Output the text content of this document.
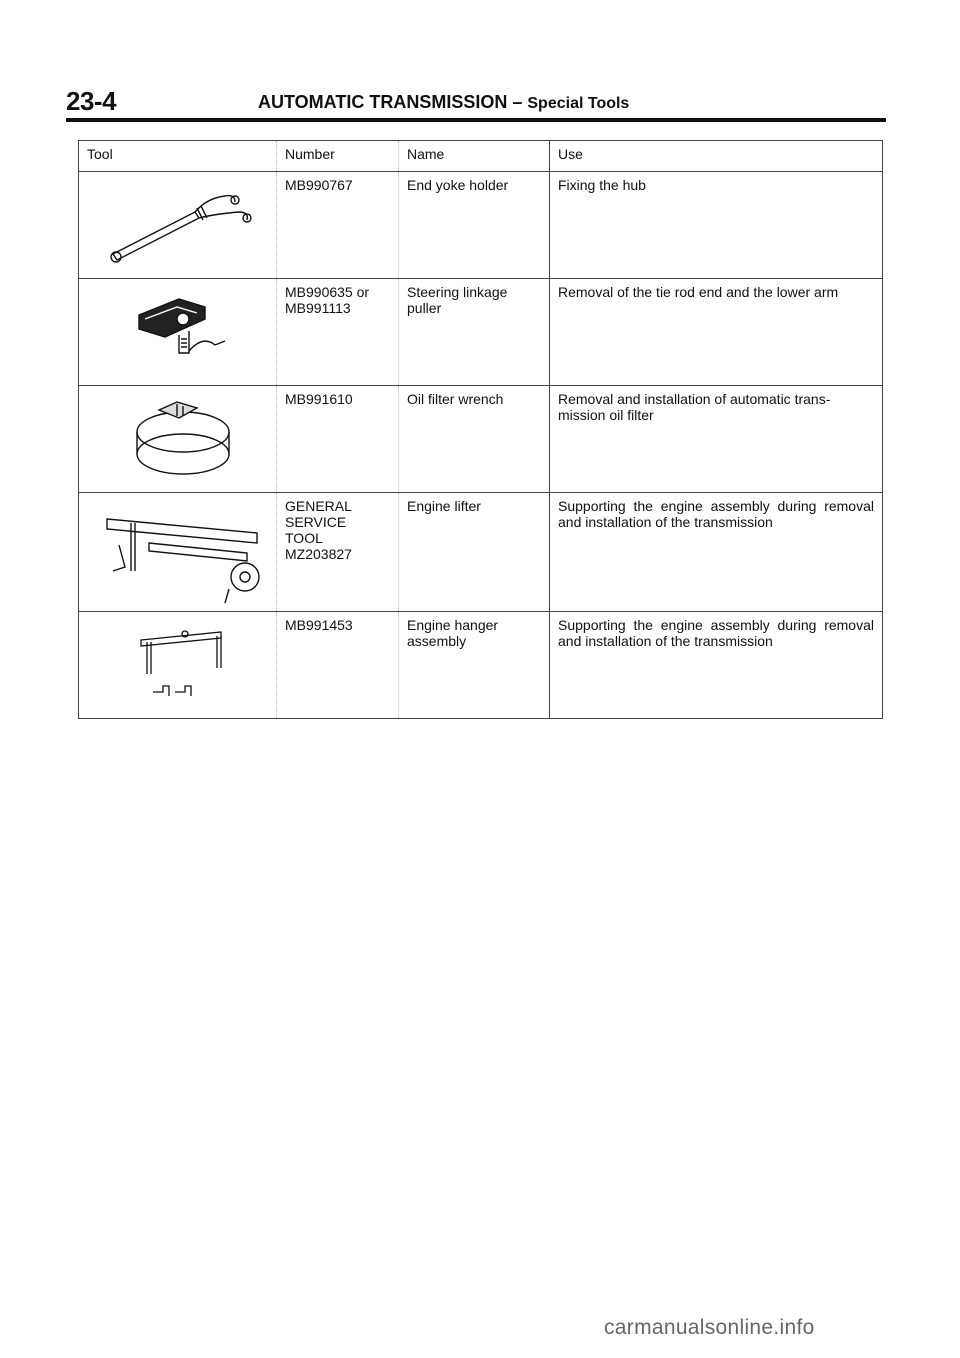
23-4	AUTOMATIC TRANSMISSION – Special Tools
Tool	Number	Name	Use

	MB990767	End yoke holder	Fixing the hub

	MB990635 or
MB991113	Steering linkage
puller	Removal of the tie rod end and the lower arm

	MB991610	Oil filter wrench	Removal and installation of automatic trans-
mission oil filter

	GENERAL
SERVICE
TOOL
MZ203827	Engine lifter	Supporting the engine assembly during removal and installation of the transmission

	MB991453	Engine hanger
assembly	Supporting the engine assembly during removal and installation of the transmission
carmanualsonline.info
